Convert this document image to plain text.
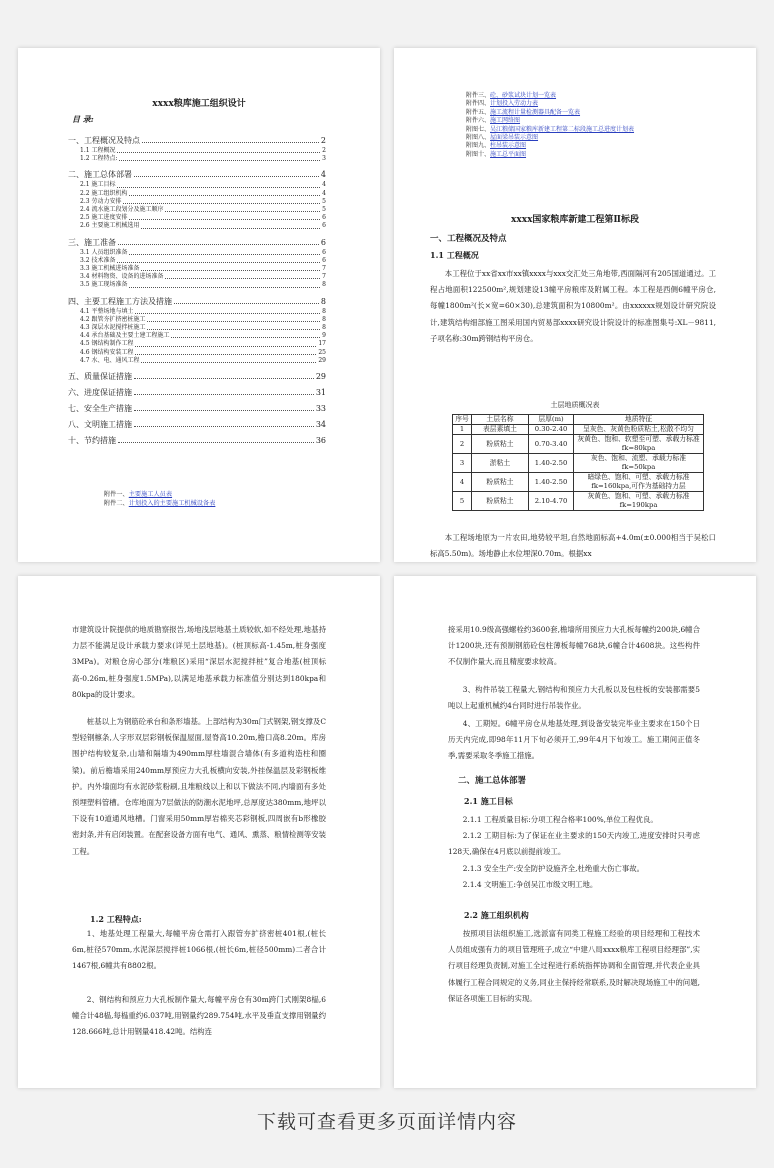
xxxx粮库施工组织设计
目 录:
一、工程概况及特点	2
1.1 工程概况	2
1.2 工程特点:	3
二、施工总体部署	4
2.1 施工目标	4
2.2 施工组织机构	4
2.3 劳动力安排	5
2.4 流水施工段划分及施工顺序	5
2.5 施工进度安排	6
2.6 主要施工机械选用	6
三、施工准备	6
3.1 人员组织准备	6
3.2 技术准备	6
3.3 施工机械进场准备	7
3.4 材料物资、设备的进场准备	7
3.5 施工现场准备	8
四、主要工程施工方法及措施	8
4.1 平整场地与填土	8
4.2 跟管夯扩挤密桩施工	8
4.3 深层水泥搅拌桩施工	8
4.4 承台基础及主要土建工程施工	9
4.5 钢结构制作工程	17
4.6 钢结构安装工程	25
4.7 水、电、通风工程	29
五、质量保证措施	29
六、进度保证措施	31
七、安全生产措施	33
八、文明施工措施	34
十、节约措施	36
附件一、主要施工人员表
附件二、计划投入的主要施工机械设备表
附件三、砼、砂浆试块计划一览表
附件四、计划投入劳动力表
附件五、施工流程计量检测器具配备一览表
附件六、施工网络图
附图七、吴江粮储国家粮库新建工程第二标段施工总进度计划表
附图八、屋面梁吊装示意图
附图九、柱吊装示意图
附图十、施工总平面图
xxxx国家粮库新建工程第Ⅱ标段
一、工程概况及特点
1.1 工程概况
本工程位于xx省xx市xx镇xxxx与xxx交汇处三角地带,西面隔河有205国道通过。工程占地面积122500m²,规划建设13幢平房粮库及附属工程。本工程是西侧6幢平房仓,每幢1800m²(长×宽=60×30),总建筑面积为10800m²。由xxxxxx规划设计研究院设计,建筑结构细部施工图采用国内贸易部xxxx研究设计院设计的标准图集号:XL－9811,子项名称:30m跨钢结构平房仓。
土层地质概况表
序号	土层名称	层厚(m)	地质特征
1	表层素填土	0.30-2.40	呈灰色、灰黄色粉质粘土,松散不均匀
2	粉质粘土	0.70-3.40	灰黄色、饱和、软塑至可塑、承载力标准fk=80kpa
3	淤粘土	1.40-2.50	灰色、饱和、流塑、承载力标准fk=50kpa
4	粉质粘土	1.40-2.50	暗绿色、饱和、可塑、承载力标准fk=160kpa,可作为基础持力层
5	粉质粘土	2.10-4.70	灰黄色、饱和、可塑、承载力标准fk=190kpa
本工程场地原为一片农田,地势较平坦,自然地面标高+4.0m(±0.000相当于吴松口标高5.50m)。场地静止水位埋深0.70m。根据xx
市建筑设计院提供的地质勘察报告,场地浅层地基土质较软,如不经处理,地基持力层不能满足设计承载力要求(详见土层地基)。(桩顶标高-1.45m,桩身强度3MPa)。对粮仓房心部分(堆粮区)采用“深层水泥搅拌桩”复合地基(桩顶标高-0.26m,桩身强度1.5MPa),以满足地基承载力标准值分别达到180kpa和80kpa的设计要求。
桩基以上为钢筋砼承台和条形墙基。上部结构为30m门式钢架,钢支撑及C型轻钢檩条,人字形双层彩钢板保温屋面,屋脊高10.20m,檐口高8.20m。库房围护结构较复杂,山墙和隔墙为490mm厚柱墙混合墙体(有多道构造柱和圈梁)。前后檐墙采用240mm厚预应力大孔板横向安装,外挂保温层及彩钢板维护。内外墙面均有水泥砂浆粉刷,且堆粮线以上和以下做法不同,内墙面有多处预埋塑料管槽。仓库地面为7层做法的防潮水泥地坪,总厚度达380mm,地坪以下设有10道通风地槽。门窗采用50mm厚岩棉夹芯彩钢板,四周嵌有b形橡胶密封条,并有启闭装置。在配套设备方面有电气、通风、熏蒸、粮情检测等安装工程。
1.2 工程特点:
1、地基处理工程量大,每幢平房仓需打入跟管夯扩挤密桩401根,(桩长6m,桩径570mm,水泥深层搅拌桩1066根,(桩长6m,桩径500mm)二者合计1467根,6幢共有8802根。
2、钢结构和预应力大孔板制作量大,每幢平房仓有30m跨门式刚架8榀,6幢合计48榀,每榀重约6.037吨,用钢量约289.754吨,水平及垂直支撑用钢量约128.666吨,总计用钢量418.42吨。结构连
接采用10.9级高强螺栓约3600套,檐墙所用预应力大孔板每幢约200块,6幢合计1200块,还有预制钢筋砼包柱薄板每幢768块,6幢合计4608块。这些构件不仅制作量大,而且精度要求较高。
3、构件吊装工程量大,钢结构和预应力大孔板以及包柱板的安装都需要5吨以上起重机械约4台同时进行吊装作业。
4、工期短。6幢平房仓从地基处理,到设备安装完毕业主要求在150个日历天内完成,即98年11月下旬必须开工,99年4月下旬竣工。施工期间正值冬季,需要采取冬季施工措施。
二、施工总体部署
2.1 施工目标
2.1.1 工程质量目标:分项工程合格率100%,单位工程优良。
2.1.2 工期目标:为了保证在业主要求的150天内竣工,进度安排时只考虑128天,确保在4月底以前提前竣工。
2.1.3 安全生产:安全防护设施齐全,杜绝重大伤亡事故。
2.1.4 文明施工:争创吴江市级文明工地。
2.2 施工组织机构
按照项目法组织施工,选派富有同类工程施工经验的项目经理和工程技术人员组成强有力的项目管理班子,成立“中建八局xxxx粮库工程项目经理部”,实行项目经理负责制,对施工全过程进行系统指挥协调和全面管理,并代表企业具体履行工程合同规定的义务,同业主保持经常联系,及时解决现场施工中的问题,保证各项施工目标的实现。
下载可查看更多页面详情内容
